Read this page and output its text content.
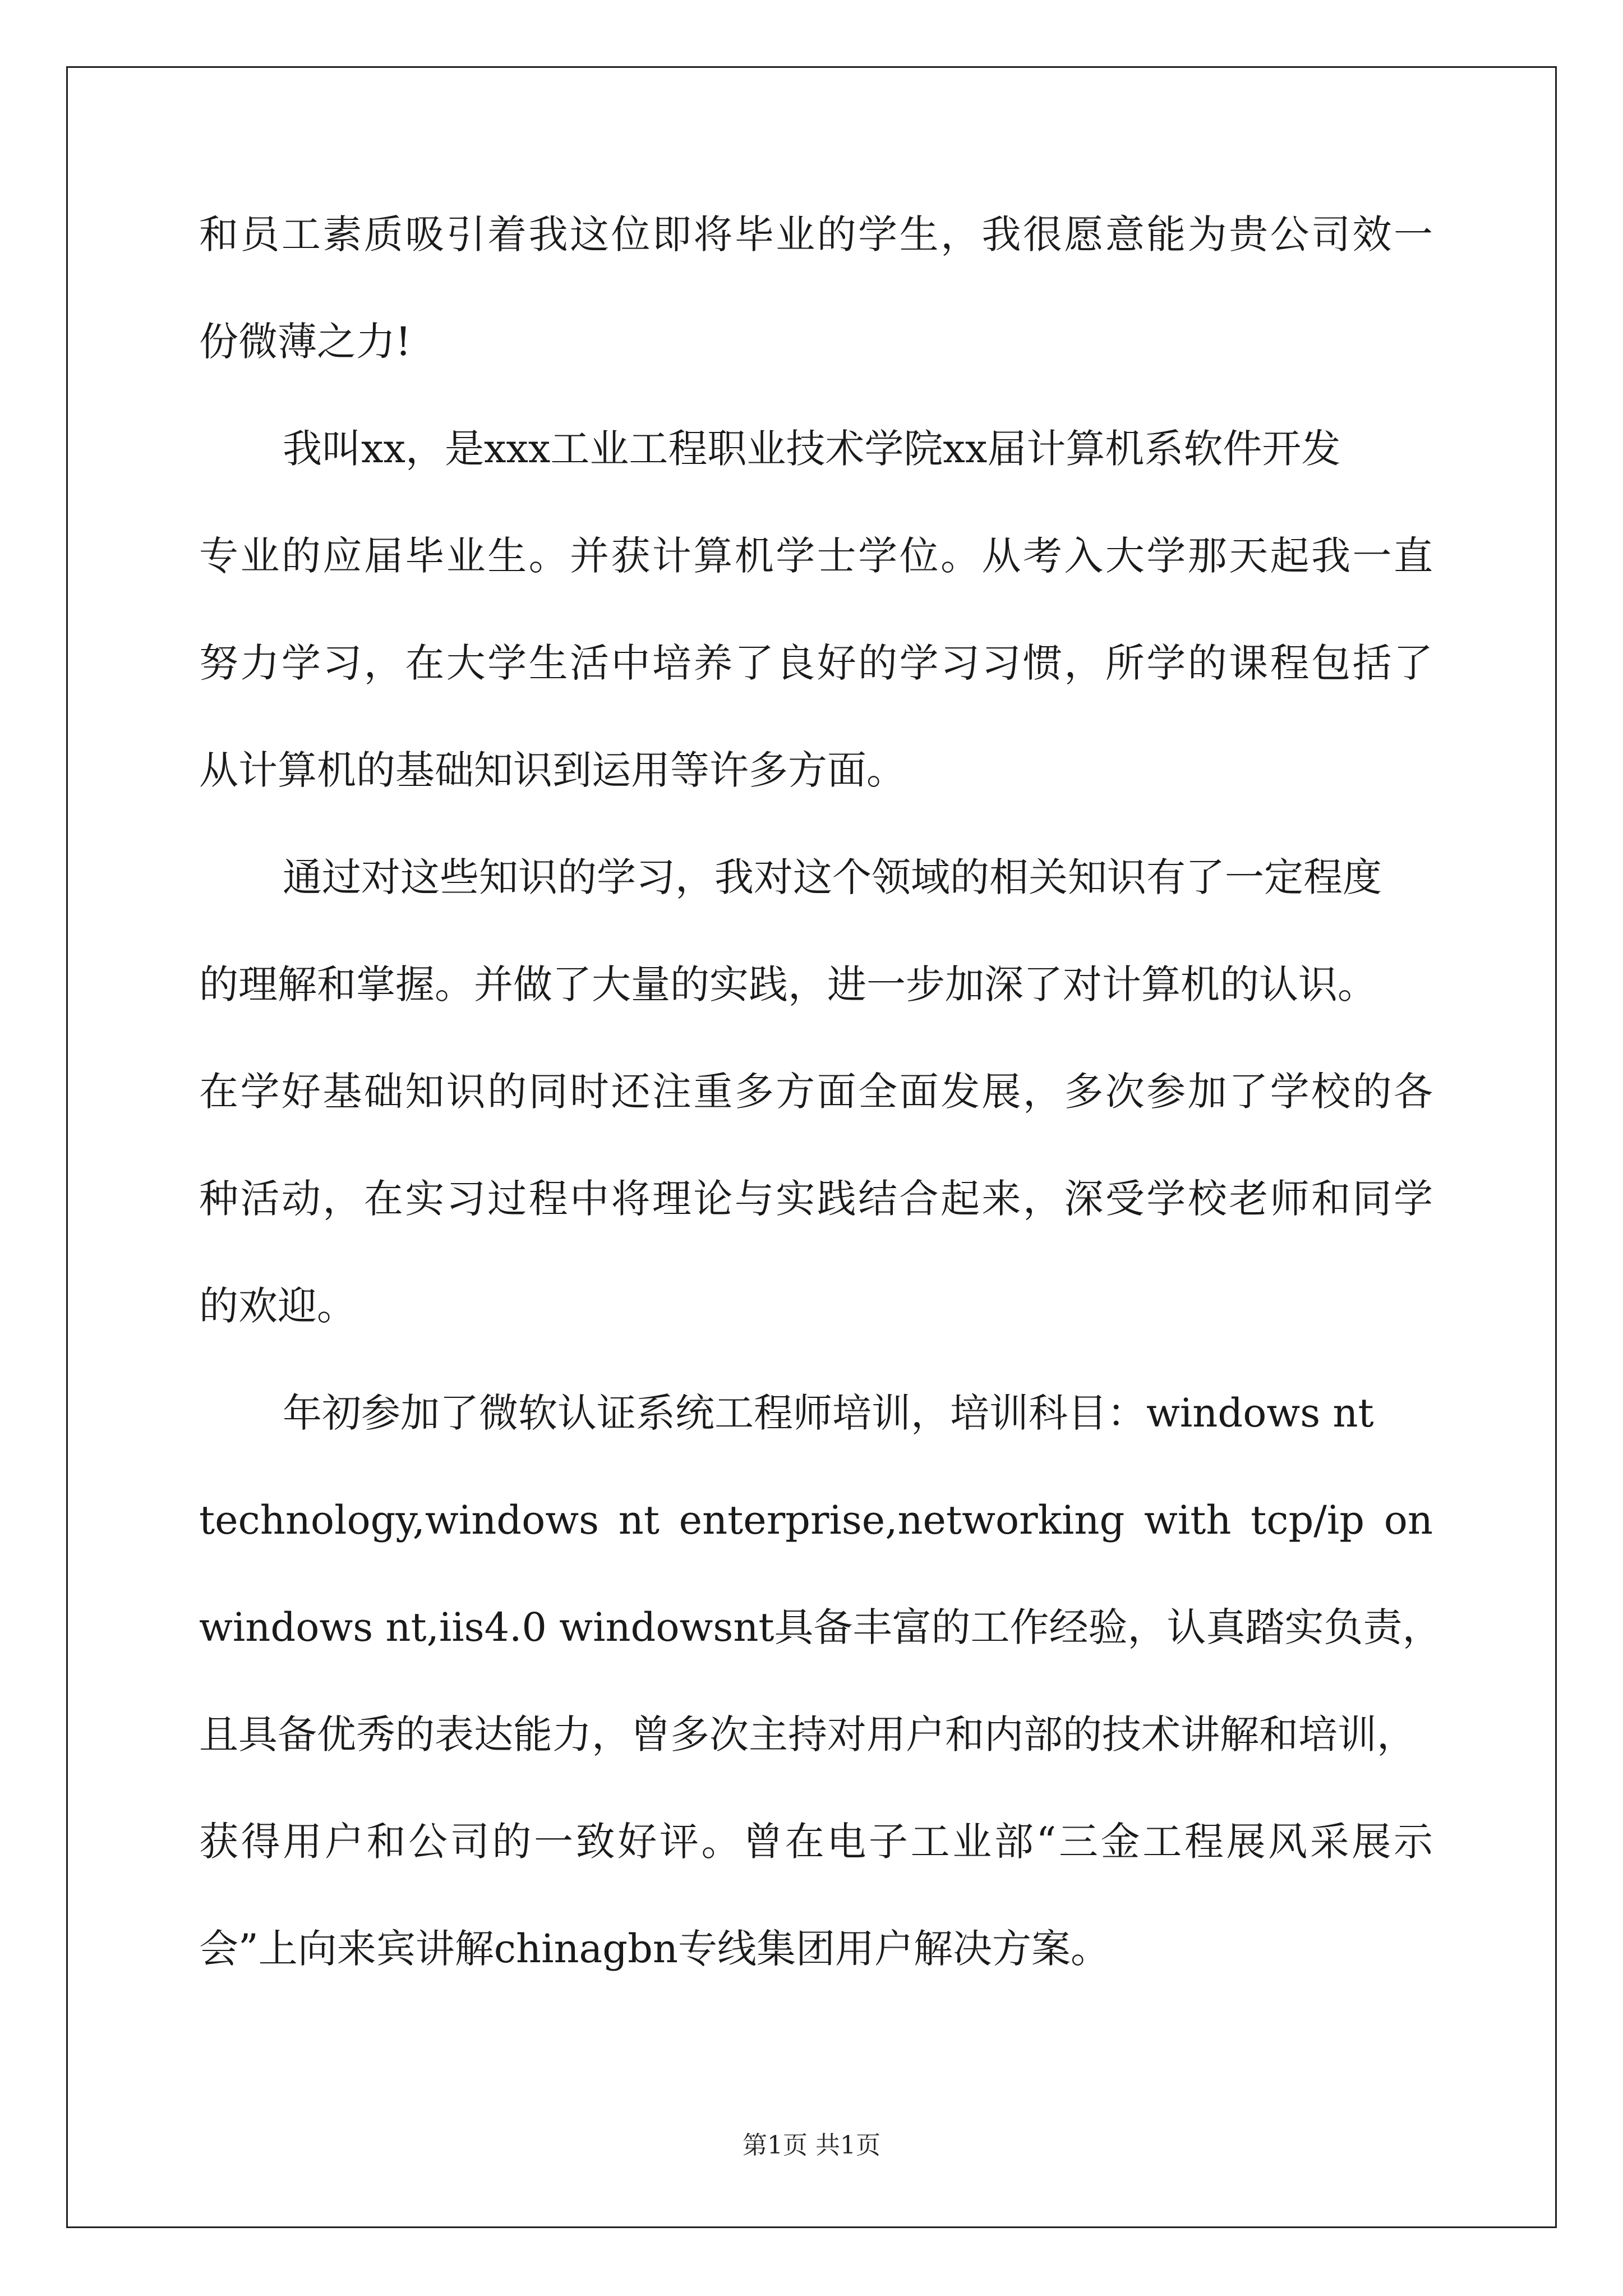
和员工素质吸引着我这位即将毕业的学生，我很愿意能为贵公司效一

份微薄之力!

我叫xx，是xxx工业工程职业技术学院xx届计算机系软件开发

专业的应届毕业生。并获计算机学士学位。从考入大学那天起我一直

努力学习，在大学生活中培养了良好的学习习惯，所学的课程包括了

从计算机的基础知识到运用等许多方面。

通过对这些知识的学习，我对这个领域的相关知识有了一定程度

的理解和掌握。并做了大量的实践，进一步加深了对计算机的认识。

在学好基础知识的同时还注重多方面全面发展，多次参加了学校的各

种活动，在实习过程中将理论与实践结合起来，深受学校老师和同学

的欢迎。

年初参加了微软认证系统工程师培训，培训科目：windows nt

technology,windows nt enterprise,networking with tcp/ip on

windows nt,iis4.0 windowsnt具备丰富的工作经验，认真踏实负责，

且具备优秀的表达能力，曾多次主持对用户和内部的技术讲解和培训，

获得用户和公司的一致好评。曾在电子工业部“三金工程展风采展示

会”上向来宾讲解chinagbn专线集团用户解决方案。

第1页 共1页
